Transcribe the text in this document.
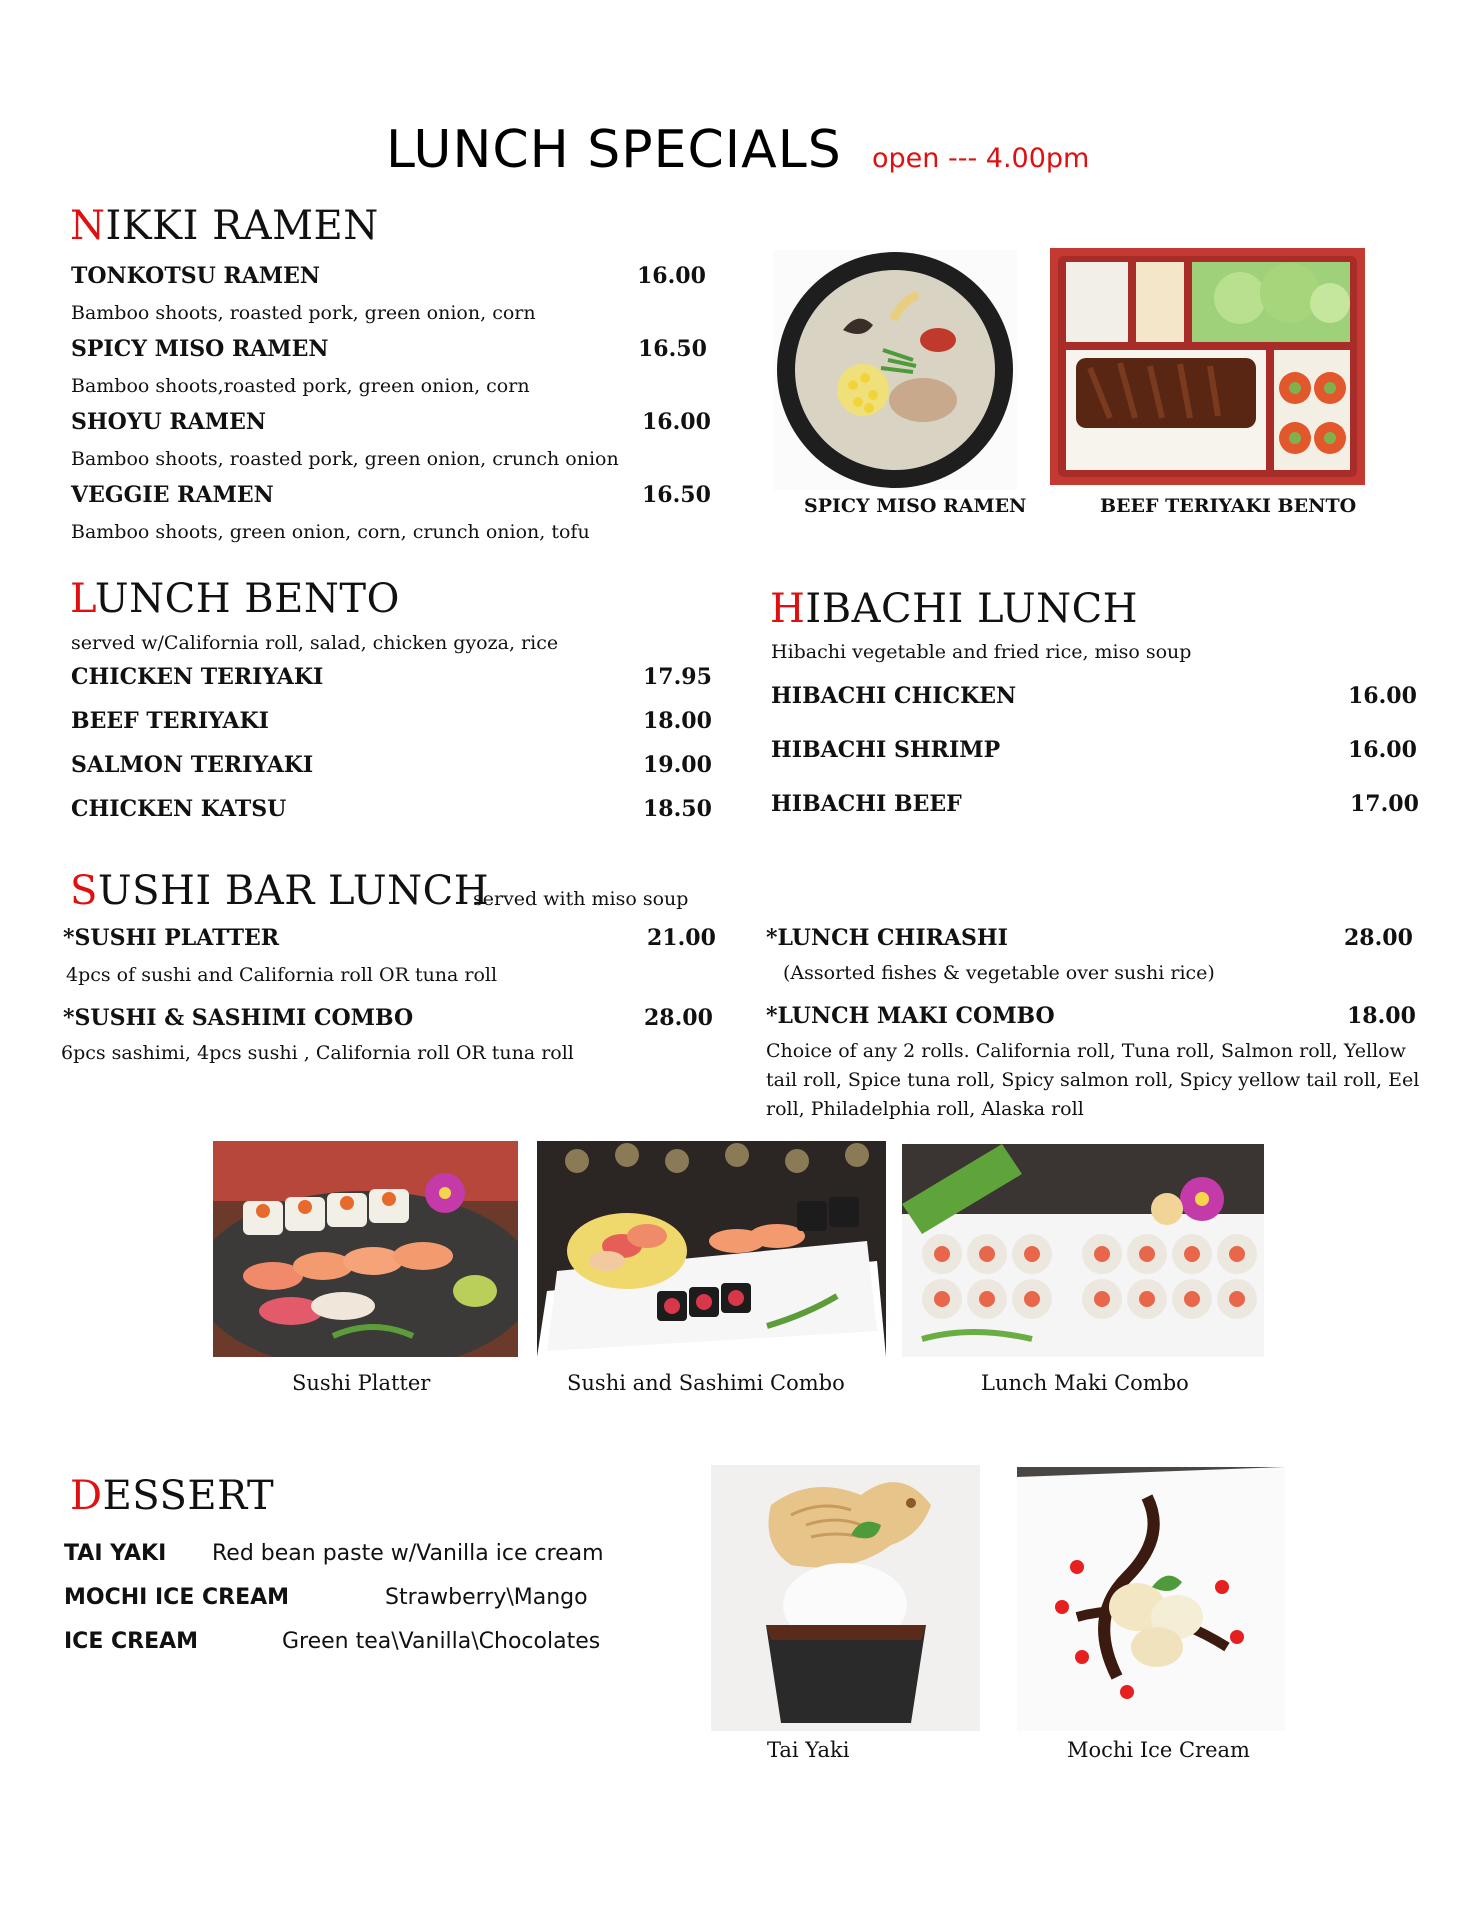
LUNCH SPECIALS open --- 4.00pm
NIKKI RAMEN
TONKOTSU RAMEN	16.00
Bamboo shoots, roasted pork, green onion, corn
SPICY MISO RAMEN	16.50
Bamboo shoots,roasted pork, green onion, corn
SHOYU RAMEN	16.00
Bamboo shoots, roasted pork, green onion, crunch onion
VEGGIE RAMEN	16.50
Bamboo shoots, green onion, corn, crunch onion, tofu
SPICY MISO RAMEN	BEEF TERIYAKI BENTO
LUNCH BENTO
served w/California roll, salad, chicken gyoza, rice
CHICKEN TERIYAKI	17.95
BEEF TERIYAKI	18.00
SALMON TERIYAKI	19.00
CHICKEN KATSU	18.50
HIBACHI LUNCH
Hibachi vegetable and fried rice, miso soup
HIBACHI CHICKEN	16.00
HIBACHI SHRIMP	16.00
HIBACHI BEEF	17.00
SUSHI BAR LUNCH
served with miso soup
*SUSHI PLATTER	21.00
4pcs of sushi and California roll OR tuna roll
*SUSHI & SASHIMI COMBO	28.00
6pcs sashimi, 4pcs sushi , California roll OR tuna roll
*LUNCH CHIRASHI	28.00
(Assorted fishes & vegetable over sushi rice)
*LUNCH MAKI COMBO	18.00
Choice of any 2 rolls. California roll, Tuna roll, Salmon roll, Yellow tail roll, Spice tuna roll, Spicy salmon roll, Spicy yellow tail roll, Eel roll, Philadelphia roll, Alaska roll
Sushi Platter	Sushi and Sashimi Combo	Lunch Maki Combo
DESSERT
TAI YAKI Red bean paste w/Vanilla ice cream
MOCHI ICE CREAM	Strawberry\Mango
ICE CREAM	Green tea\Vanilla\Chocolates
Tai Yaki	Mochi Ice Cream
